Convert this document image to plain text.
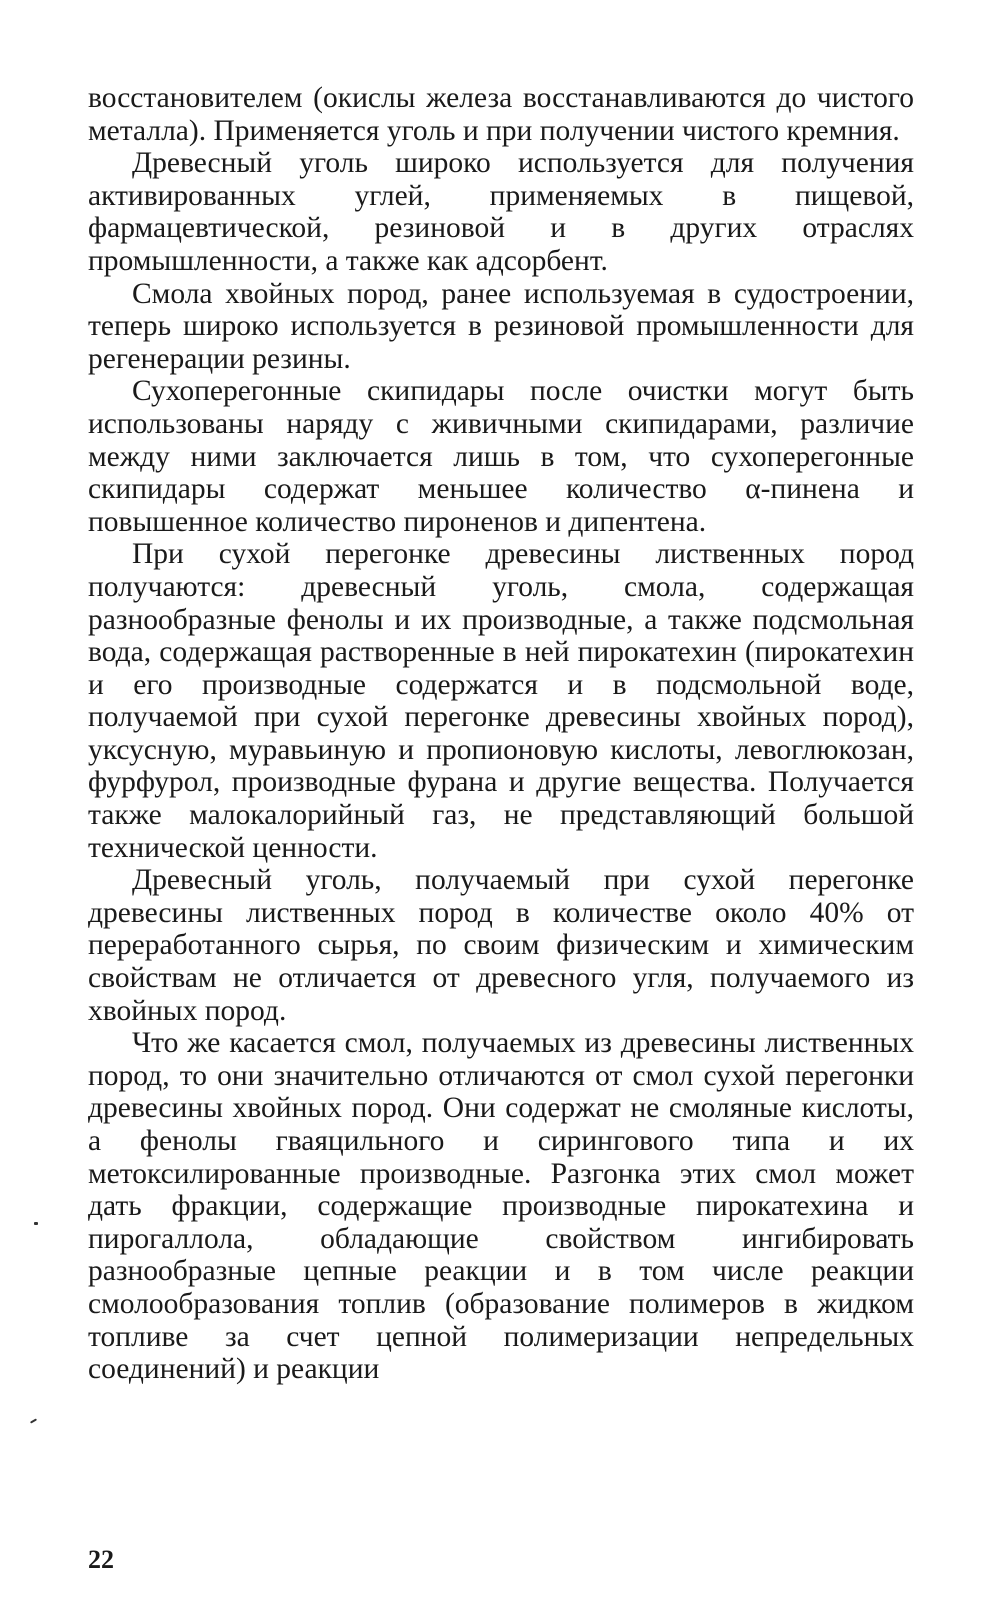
восстановителем (окислы железа восстанавливаются до чистого металла). Применяется уголь и при получении чистого кремния.

Древесный уголь широко используется для получения активированных углей, применяемых в пищевой, фармацевтической, резиновой и в других отраслях промышленности, а также как адсорбент.

Смола хвойных пород, ранее используемая в судостроении, теперь широко используется в резиновой промышленности для регенерации резины.

Сухоперегонные скипидары после очистки могут быть использованы наряду с живичными скипидарами, различие между ними заключается лишь в том, что сухоперегонные скипидары содержат меньшее количество α-пинена и повышенное количество пироненов и дипентена.

При сухой перегонке древесины лиственных пород получаются: древесный уголь, смола, содержащая разнообразные фенолы и их производные, а также подсмольная вода, содержащая растворенные в ней пирокатехин (пирокатехин и его производные содержатся и в подсмольной воде, получаемой при сухой перегонке древесины хвойных пород), уксусную, муравьиную и пропионовую кислоты, левоглюкозан, фурфурол, производные фурана и другие вещества. Получается также малокалорийный газ, не представляющий большой технической ценности.

Древесный уголь, получаемый при сухой перегонке древесины лиственных пород в количестве около 40% от переработанного сырья, по своим физическим и химическим свойствам не отличается от древесного угля, получаемого из хвойных пород.

Что же касается смол, получаемых из древесины лиственных пород, то они значительно отличаются от смол сухой перегонки древесины хвойных пород. Они содержат не смоляные кислоты, а фенолы гваяцильного и сирингового типа и их метоксилированные производные. Разгонка этих смол может дать фракции, содержащие производные пирокатехина и пирогаллола, обладающие свойством ингибировать разнообразные цепные реакции и в том числе реакции смолообразования топлив (образование полимеров в жидком топливе за счет цепной полимеризации непредельных соединений) и реакции

22
